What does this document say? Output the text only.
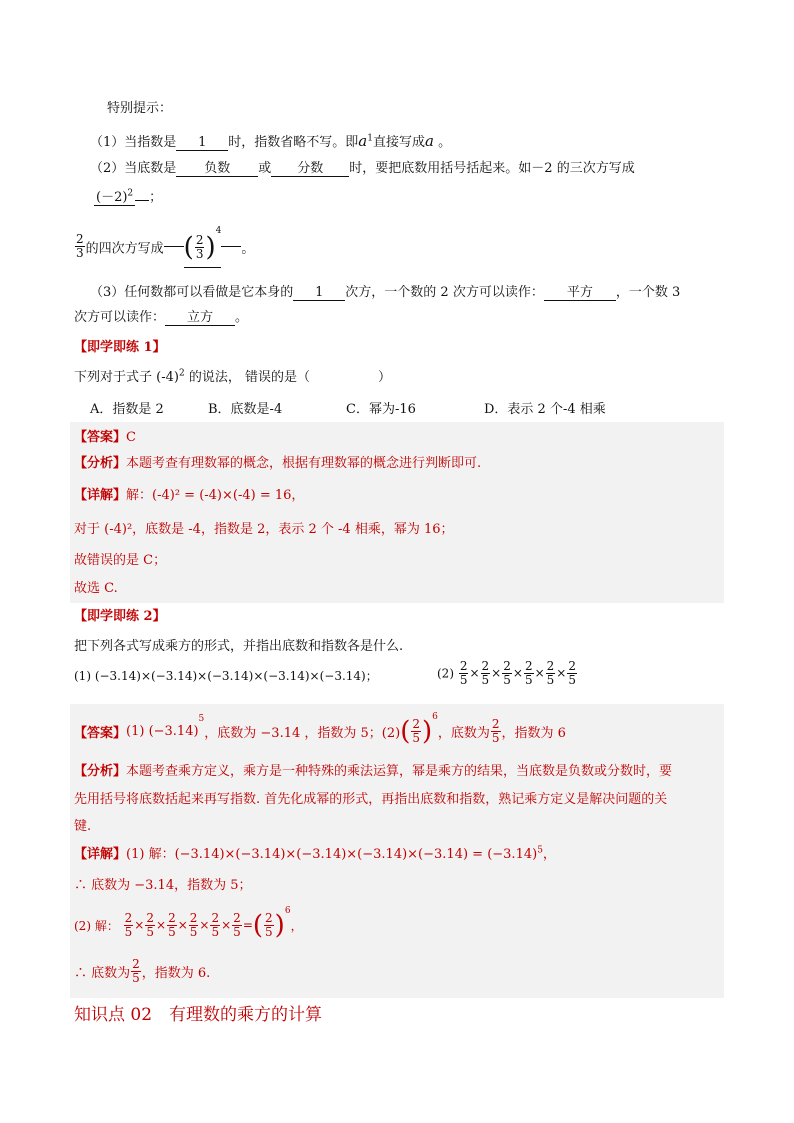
特别提示：
（1）当指数是 1 时，指数省略不写。即$a^1$直接写成a 。
（2）当底数是 负数 或 分数 时，要把底数用括号括起来。如－2 的三次方写成
$(-2)^2$ ；
$\frac{2}{3}$ 的四次方写成 ( $\frac{2}{3} )^4$。
（3）任何数都可以看做是它本身的 1 次方，一个数的 2 次方可以读作： 平方 ，一个数 3
次方可以读作： 立方 。
【即学即练 1】
下列对于式子 $(-4)^2$ 的说法， 错误的是（	）
A．指数是 2	B．底数是-4	C．幂为-16	D．表示 2 个-4 相乘
【答案】C
【分析】本题考查有理数幂的概念，根据有理数幂的概念进行判断即可.
【详解】解：(-4)² = (-4)×(-4) = 16，
对于 (-4)²，底数是 -4，指数是 2，表示 2 个 -4 相乘，幂为 16；
故错误的是 C；
故选 C.
【即学即练 2】
把下列各式写成乘方的形式，并指出底数和指数各是什么.
(1) (−3.14)×(−3.14)×(−3.14)×(−3.14)×(−3.14)；	$(2) \frac{2}{5} \times \frac{2}{5} \times \frac{2}{5} \times \frac{2}{5} \times \frac{2}{5} \times \frac{2}{5}$
【答案】(1) $(-3.14)^5$，底数为 −3.14 ，指数为 5；$(2)( \frac{2}{5} )^6$，底数为 $\frac{2}{5}$ ，指数为 6
【分析】本题考查乘方定义，乘方是一种特殊的乘法运算，幂是乘方的结果，当底数是负数或分数时，要
先用括号将底数括起来再写指数. 首先化成幂的形式，再指出底数和指数，熟记乘方定义是解决问题的关
键.
【详解】(1) 解：$(-3.14)\times(-3.14)\times(-3.14)\times(-3.14)\times(-3.14) = (-3.14)^5$，
∴ 底数为 −3.14，指数为 5；
(2) 解： $\frac{2}{5} \times \frac{2}{5} \times \frac{2}{5} \times \frac{2}{5} \times \frac{2}{5} \times \frac{2}{5}$ =( $\frac{2}{5} )^6$，
∴ 底数为 $\frac{2}{5}$ ，指数为 6.
知识点 02　有理数的乘方的计算
